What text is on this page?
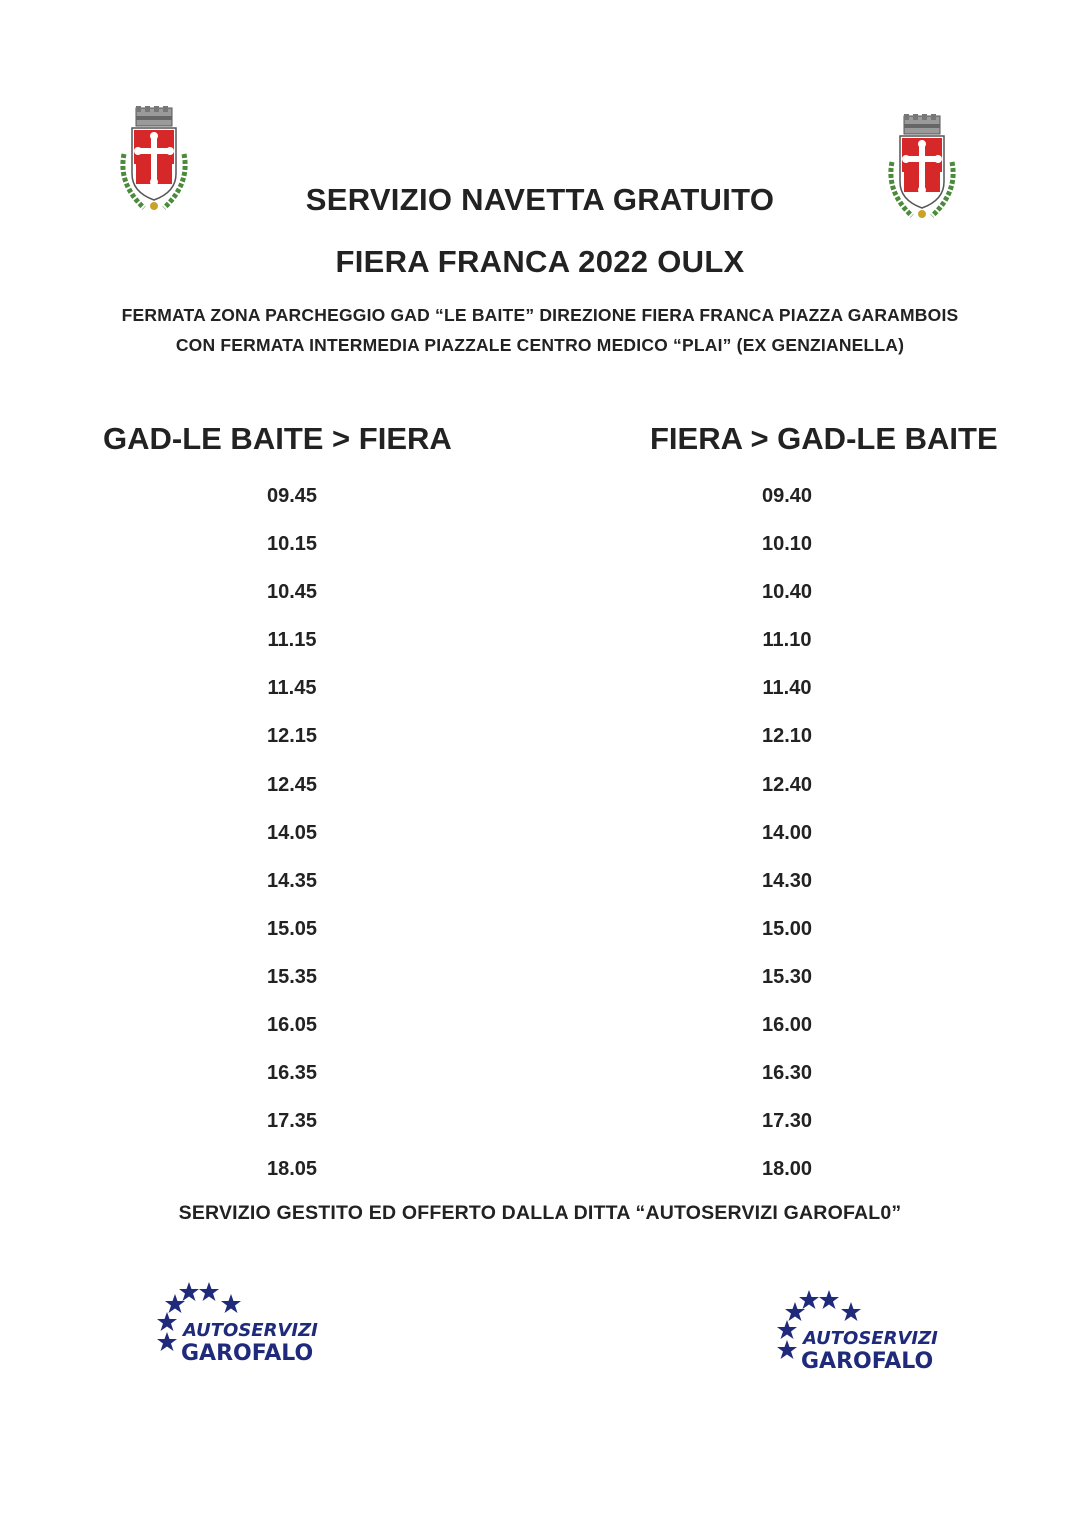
SERVIZIO NAVETTA GRATUITO
FIERA FRANCA 2022 OULX
FERMATA ZONA PARCHEGGIO GAD “LE BAITE” DIREZIONE FIERA FRANCA PIAZZA GARAMBOIS
CON FERMATA INTERMEDIA PIAZZALE CENTRO MEDICO “PLAI” (EX GENZIANELLA)
GAD-LE BAITE > FIERA	FIERA > GAD-LE BAITE
09.45
10.15
10.45
11.15
11.45
12.15
12.45
14.05
14.35
15.05
15.35
16.05
16.35
17.35
18.05
09.40
10.10
10.40
11.10
11.40
12.10
12.40
14.00
14.30
15.00
15.30
16.00
16.30
17.30
18.00
SERVIZIO GESTITO ED OFFERTO DALLA DITTA “AUTOSERVIZI GAROFAL0”
AUTOSERVIZI
GAROFALO
AUTOSERVIZI
GAROFALO
